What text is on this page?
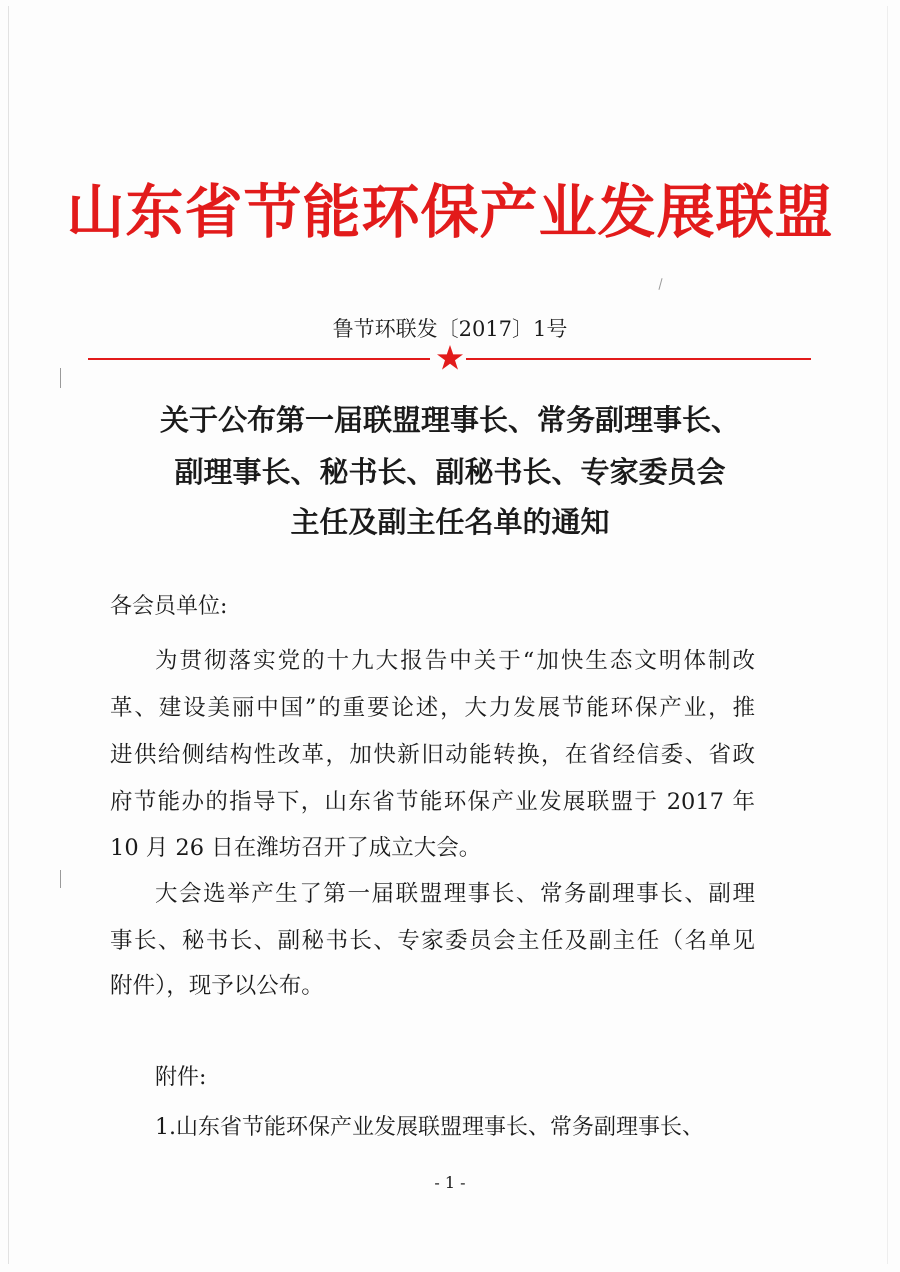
山东省节能环保产业发展联盟
鲁节环联发〔2017〕1号
关于公布第一届联盟理事长、常务副理事长、
副理事长、秘书长、副秘书长、专家委员会
主任及副主任名单的通知
各会员单位:
为贯彻落实党的十九大报告中关于“加快生态文明体制改
革、建设美丽中国”的重要论述，大力发展节能环保产业，推
进供给侧结构性改革，加快新旧动能转换，在省经信委、省政
府节能办的指导下，山东省节能环保产业发展联盟于 2017 年
10 月 26 日在潍坊召开了成立大会。
大会选举产生了第一届联盟理事长、常务副理事长、副理
事长、秘书长、副秘书长、专家委员会主任及副主任（名单见
附件），现予以公布。
附件:
1.山东省节能环保产业发展联盟理事长、常务副理事长、
- 1 -
